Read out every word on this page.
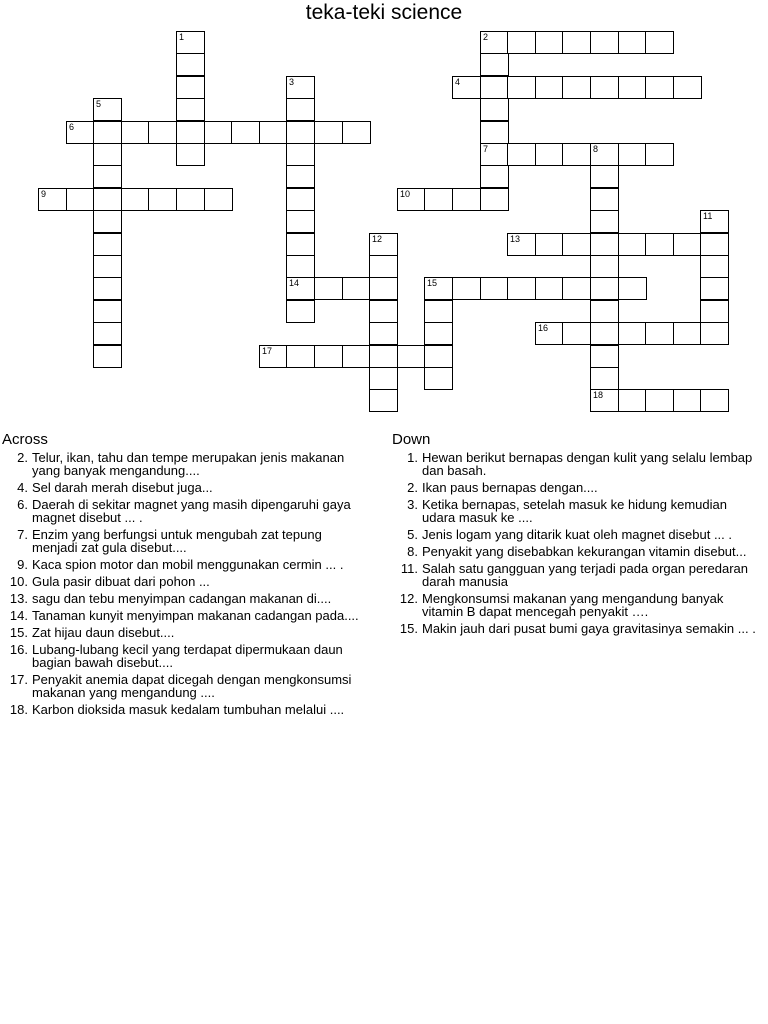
teka-teki science
1	2
3	4
5
6
7	8
9	10
11
12	13
14	15
16
17
18
Across	Down
2. Telur, ikan, tahu dan tempe merupakan jenis makanan yang banyak mengandung....
4. Sel darah merah disebut juga...
6. Daerah di sekitar magnet yang masih dipengaruhi gaya magnet disebut ... .
7. Enzim yang berfungsi untuk mengubah zat tepung menjadi zat gula disebut....
9. Kaca spion motor dan mobil menggunakan cermin ... .
10. Gula pasir dibuat dari pohon ...
13. sagu dan tebu menyimpan cadangan makanan di....
14. Tanaman kunyit menyimpan makanan cadangan pada....
15. Zat hijau daun disebut....
16. Lubang-lubang kecil yang terdapat dipermukaan daun bagian bawah disebut....
17. Penyakit anemia dapat dicegah dengan mengkonsumsi makanan yang mengandung ....
18. Karbon dioksida masuk kedalam tumbuhan melalui ....
1. Hewan berikut bernapas dengan kulit yang selalu lembap dan basah.
2. Ikan paus bernapas dengan....
3. Ketika bernapas, setelah masuk ke hidung kemudian udara masuk ke ....
5. Jenis logam yang ditarik kuat oleh magnet disebut ... .
8. Penyakit yang disebabkan kekurangan vitamin disebut...
11. Salah satu gangguan yang terjadi pada organ peredaran darah manusia
12. Mengkonsumsi makanan yang mengandung banyak vitamin B dapat mencegah penyakit ….
15. Makin jauh dari pusat bumi gaya gravitasinya semakin ... .
